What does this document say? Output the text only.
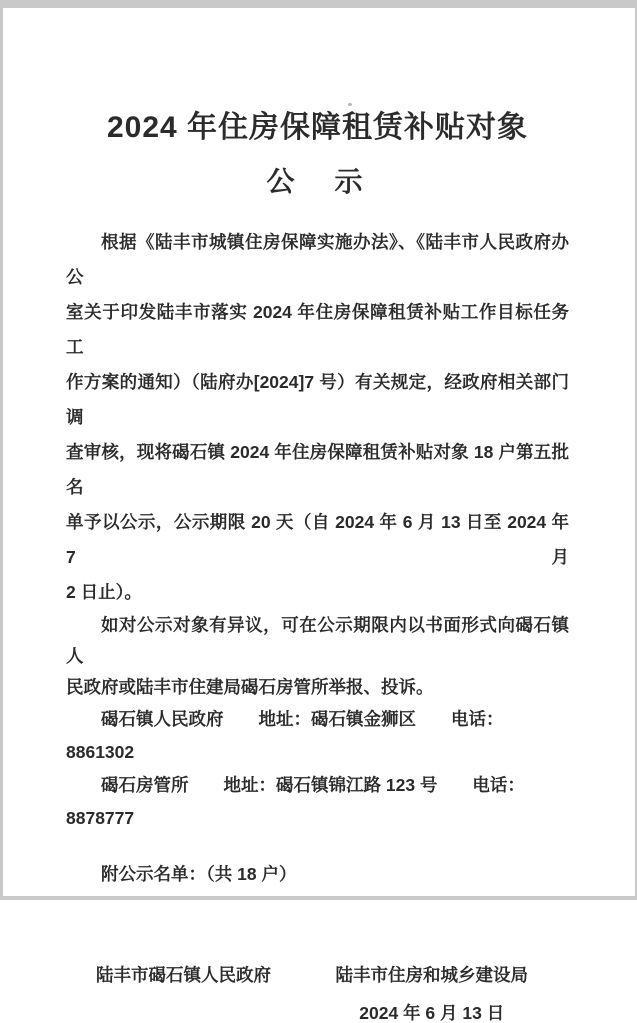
2024 年住房保障租赁补贴对象
公　示
根据《陆丰市城镇住房保障实施办法》、《陆丰市人民政府办公
室关于印发陆丰市落实 2024 年住房保障租赁补贴工作目标任务工
作方案的通知）（陆府办[2024]7 号）有关规定，经政府相关部门调
查审核，现将碣石镇 2024 年住房保障租赁补贴对象 18 户第五批名
单予以公示，公示期限 20 天（自 2024 年 6 月 13 日至 2024 年 7 月
2 日止）。
如对公示对象有异议，可在公示期限内以书面形式向碣石镇人
民政府或陆丰市住建局碣石房管所举报、投诉。
碣石镇人民政府　　地址：碣石镇金狮区　　电话：8861302
碣石房管所　　地址：碣石镇锦江路 123 号　　电话：8878777
附公示名单：（共 18 户）
陆丰市碣石镇人民政府	陆丰市住房和城乡建设局
2024 年 6 月 13 日
